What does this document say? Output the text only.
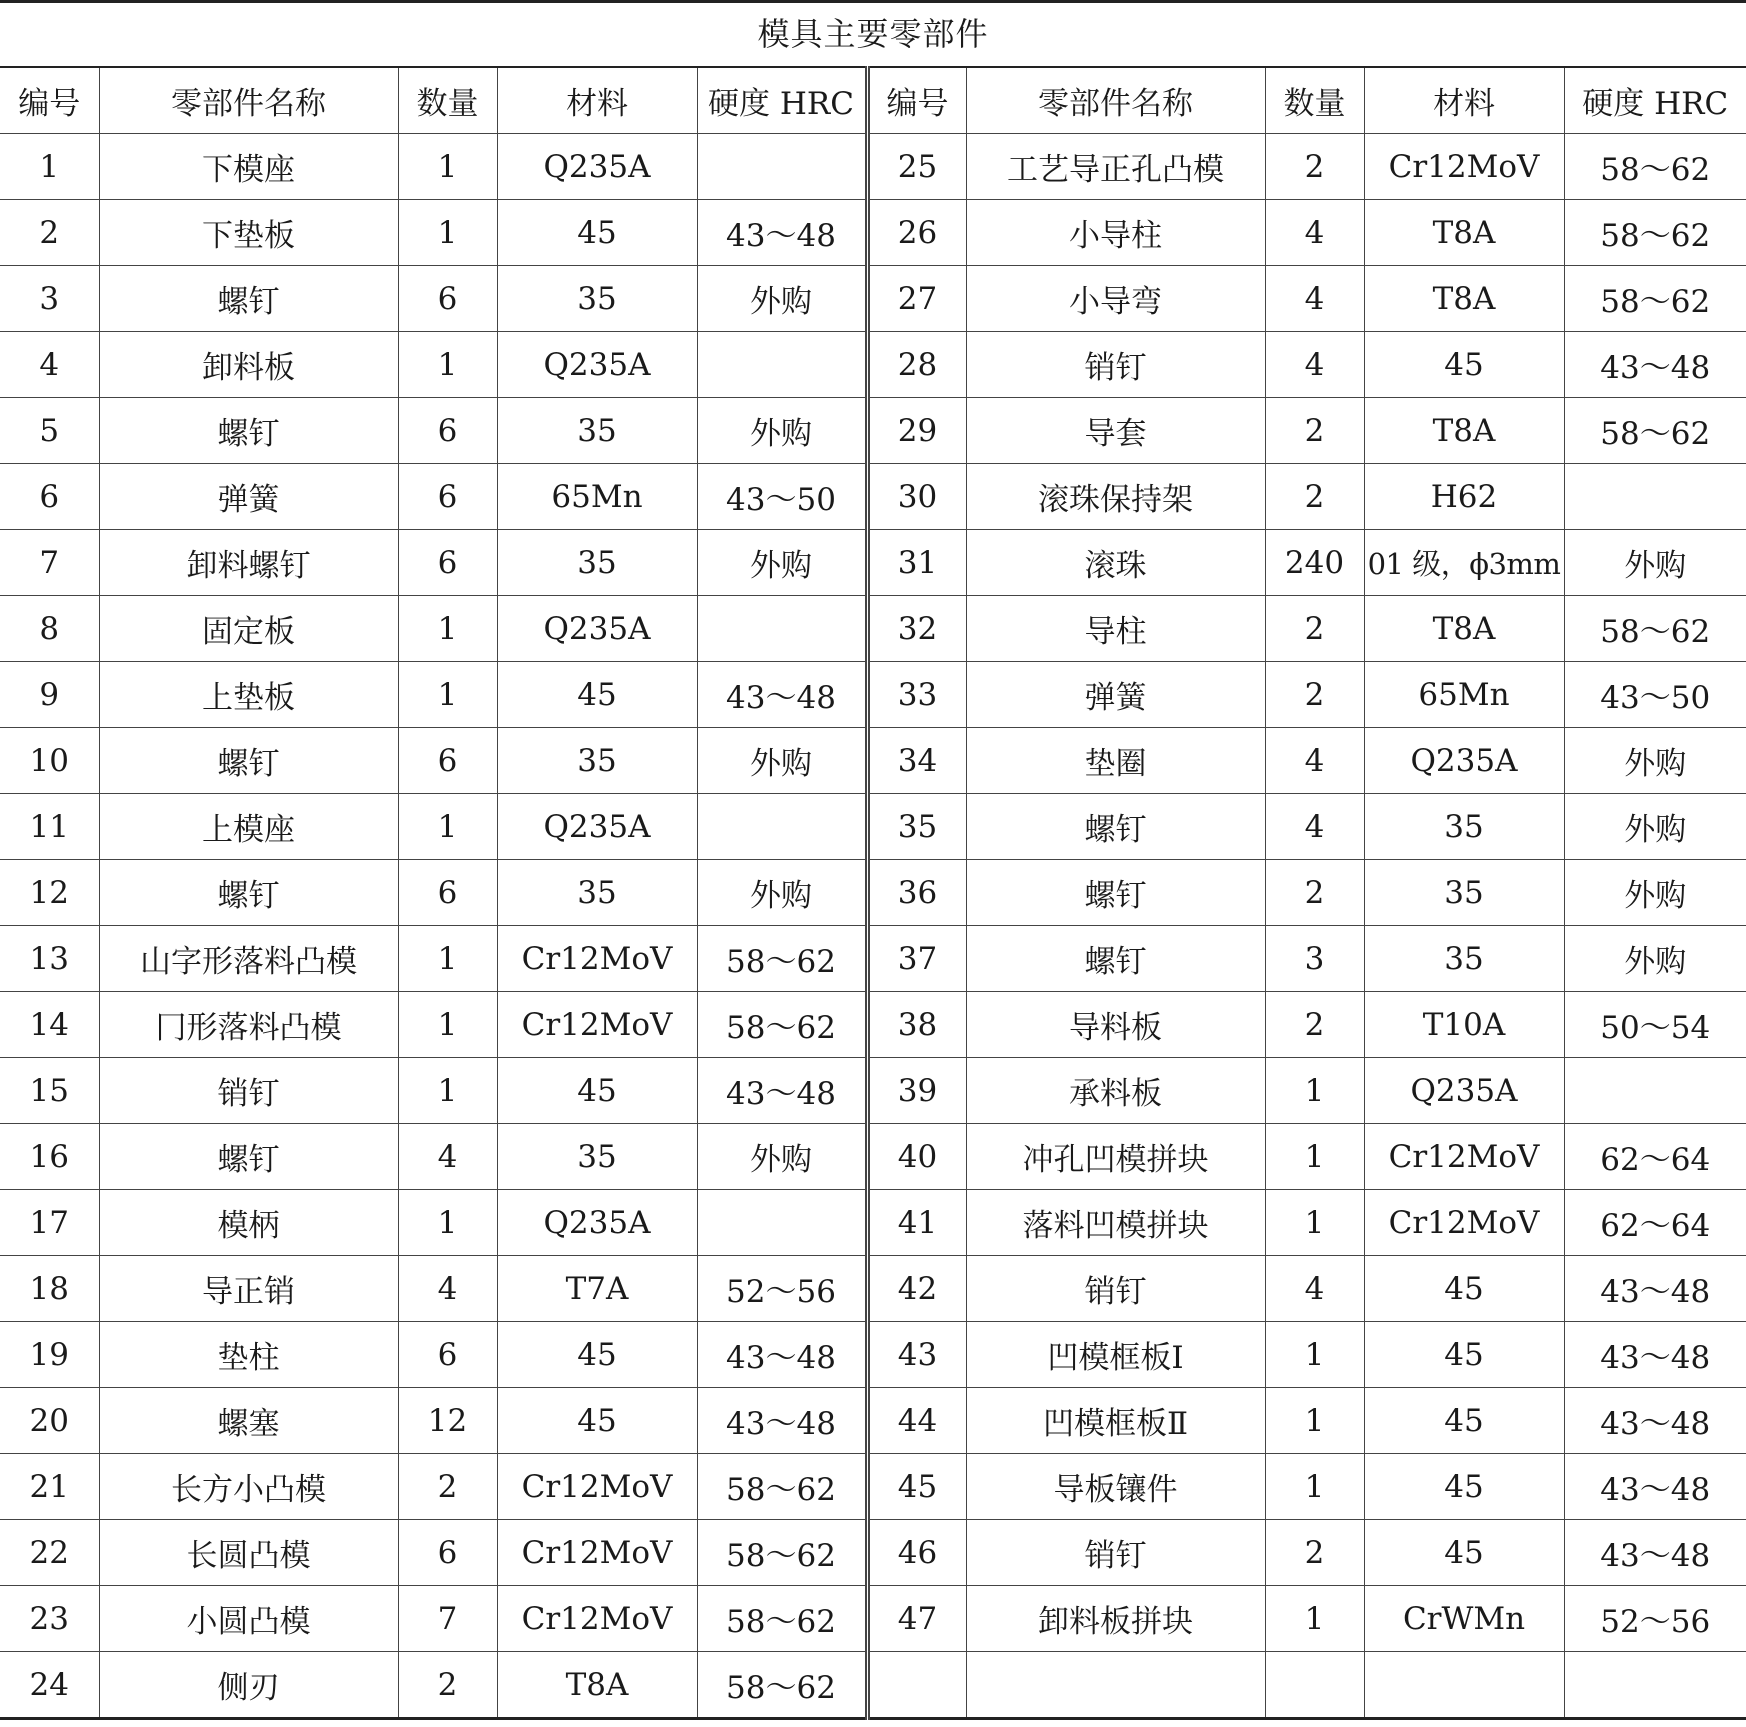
模具主要零部件
编号	零部件名称	数量	材料	硬度 HRC	编号	零部件名称	数量	材料	硬度 HRC
1	下模座	1	Q235A		25	工艺导正孔凸模	2	Cr12MoV	58～62
2	下垫板	1	45	43～48	26	小导柱	4	T8A	58～62
3	螺钉	6	35	外购	27	小导弯	4	T8A	58～62
4	卸料板	1	Q235A		28	销钉	4	45	43～48
5	螺钉	6	35	外购	29	导套	2	T8A	58～62
6	弹簧	6	65Mn	43～50	30	滚珠保持架	2	H62	
7	卸料螺钉	6	35	外购	31	滚珠	240	01 级，ϕ3mm	外购
8	固定板	1	Q235A		32	导柱	2	T8A	58～62
9	上垫板	1	45	43～48	33	弹簧	2	65Mn	43～50
10	螺钉	6	35	外购	34	垫圈	4	Q235A	外购
11	上模座	1	Q235A		35	螺钉	4	35	外购
12	螺钉	6	35	外购	36	螺钉	2	35	外购
13	山字形落料凸模	1	Cr12MoV	58～62	37	螺钉	3	35	外购
14	冂形落料凸模	1	Cr12MoV	58～62	38	导料板	2	T10A	50～54
15	销钉	1	45	43～48	39	承料板	1	Q235A	
16	螺钉	4	35	外购	40	冲孔凹模拼块	1	Cr12MoV	62～64
17	模柄	1	Q235A		41	落料凹模拼块	1	Cr12MoV	62～64
18	导正销	4	T7A	52～56	42	销钉	4	45	43～48
19	垫柱	6	45	43～48	43	凹模框板Ⅰ	1	45	43～48
20	螺塞	12	45	43～48	44	凹模框板Ⅱ	1	45	43～48
21	长方小凸模	2	Cr12MoV	58～62	45	导板镶件	1	45	43～48
22	长圆凸模	6	Cr12MoV	58～62	46	销钉	2	45	43～48
23	小圆凸模	7	Cr12MoV	58～62	47	卸料板拼块	1	CrWMn	52～56
24	侧刃	2	T8A	58～62					
